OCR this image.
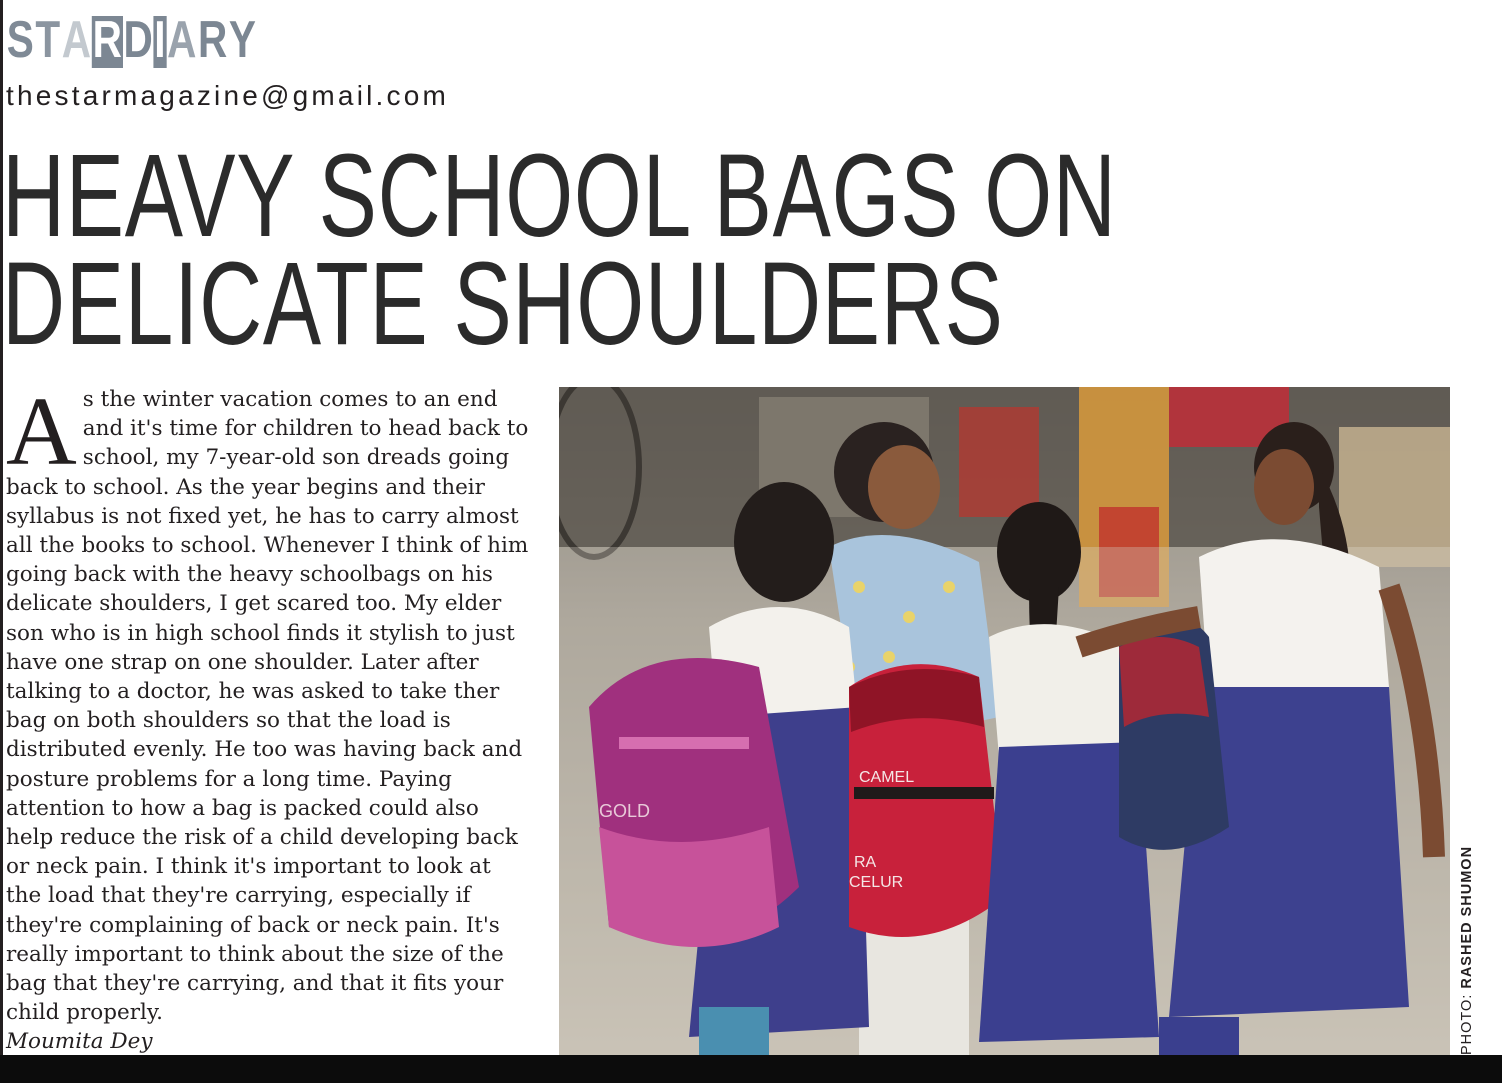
S T A R D I A R Y
thestarmagazine@gmail.com
HEAVY SCHOOL BAGS ON
DELICATE SHOULDERS
A s the winter vacation comes to an end and it's time for children to head back to school, my 7-year-old son dreads going back to school. As the year begins and their syllabus is not fixed yet, he has to carry almost all the books to school. Whenever I think of him going back with the heavy schoolbags on his delicate shoulders, I get scared too. My elder son who is in high school finds it stylish to just have one strap on one shoulder. Later after talking to a doctor, he was asked to take ther bag on both shoulders so that the load is distributed evenly. He too was having back and posture problems for a long time. Paying attention to how a bag is packed could also help reduce the risk of a child developing back or neck pain. I think it's important to look at the load that they're carrying, especially if they're complaining of back or neck pain. It's really important to think about the size of the bag that they're carrying, and that it fits your child properly.
Moumita Dey
GOLD
CAMEL
RA
CELUR
PHOTO: RASHED SHUMON
